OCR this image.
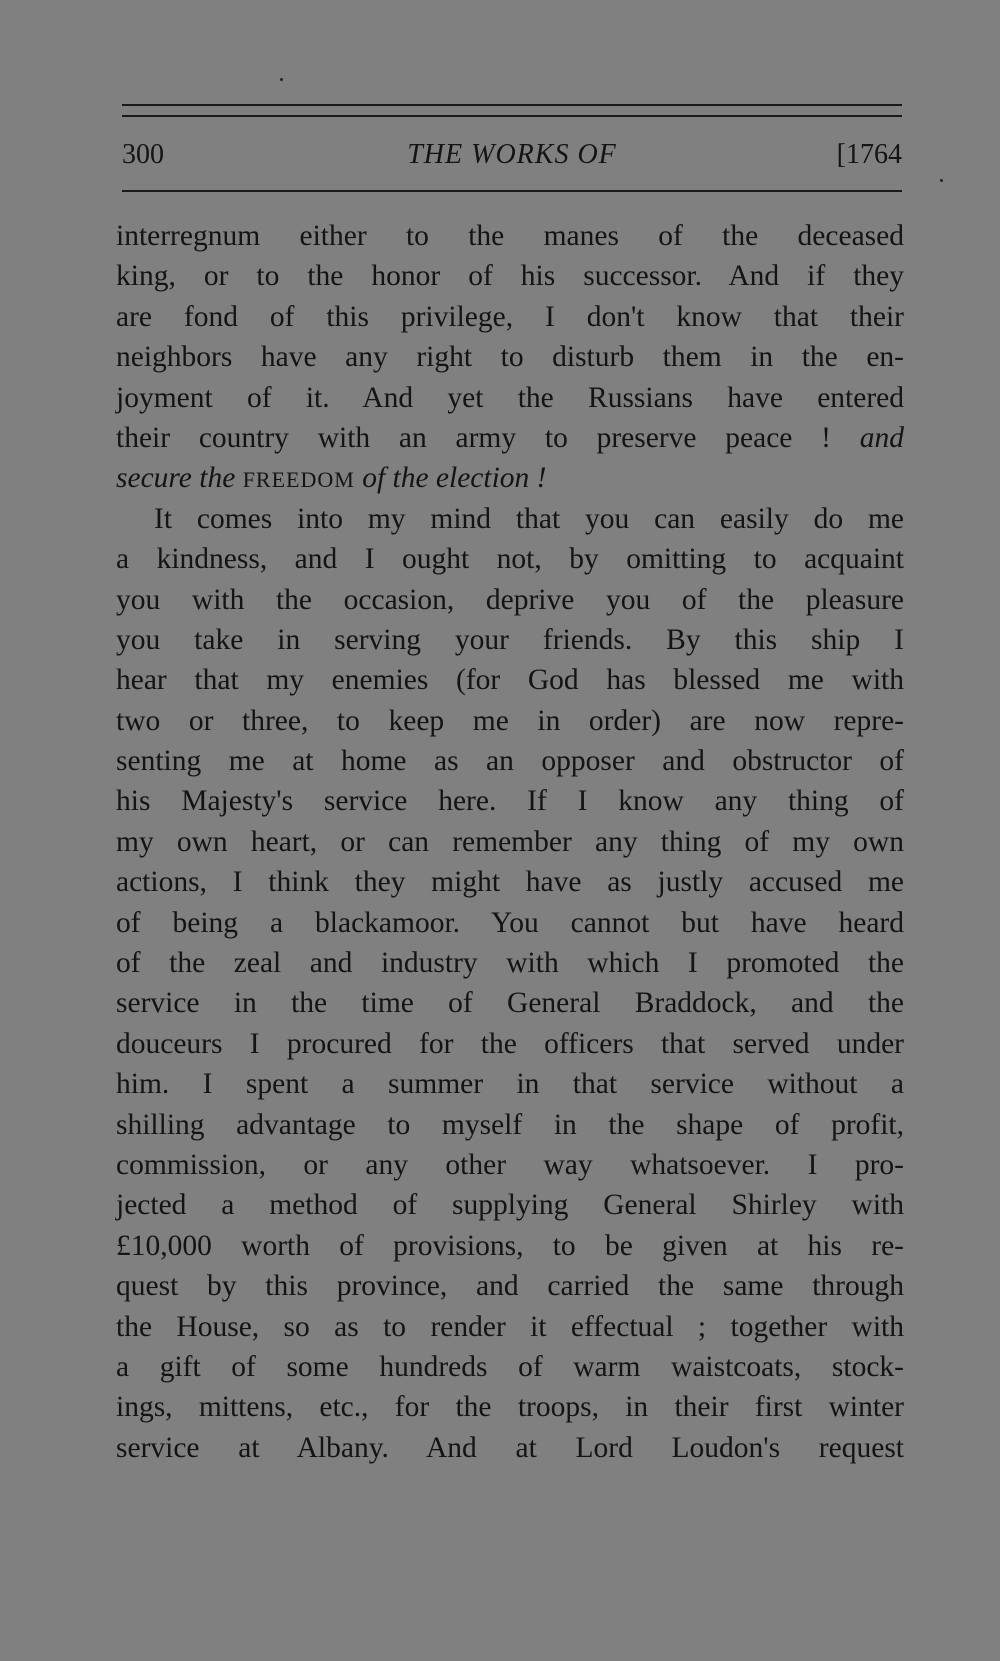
300	THE WORKS OF	[1764
interregnum either to the manes of the deceased
king, or to the honor of his successor. And if they
are fond of this privilege, I don't know that their
neighbors have any right to disturb them in the en-
joyment of it. And yet the Russians have entered
their country with an army to preserve peace ! and
secure the FREEDOM of the election !
It comes into my mind that you can easily do me
a kindness, and I ought not, by omitting to acquaint
you with the occasion, deprive you of the pleasure
you take in serving your friends. By this ship I
hear that my enemies (for God has blessed me with
two or three, to keep me in order) are now repre-
senting me at home as an opposer and obstructor of
his Majesty's service here. If I know any thing of
my own heart, or can remember any thing of my own
actions, I think they might have as justly accused me
of being a blackamoor. You cannot but have heard
of the zeal and industry with which I promoted the
service in the time of General Braddock, and the
douceurs I procured for the officers that served under
him. I spent a summer in that service without a
shilling advantage to myself in the shape of profit,
commission, or any other way whatsoever. I pro-
jected a method of supplying General Shirley with
£10,000 worth of provisions, to be given at his re-
quest by this province, and carried the same through
the House, so as to render it effectual ; together with
a gift of some hundreds of warm waistcoats, stock-
ings, mittens, etc., for the troops, in their first winter
service at Albany. And at Lord Loudon's request
